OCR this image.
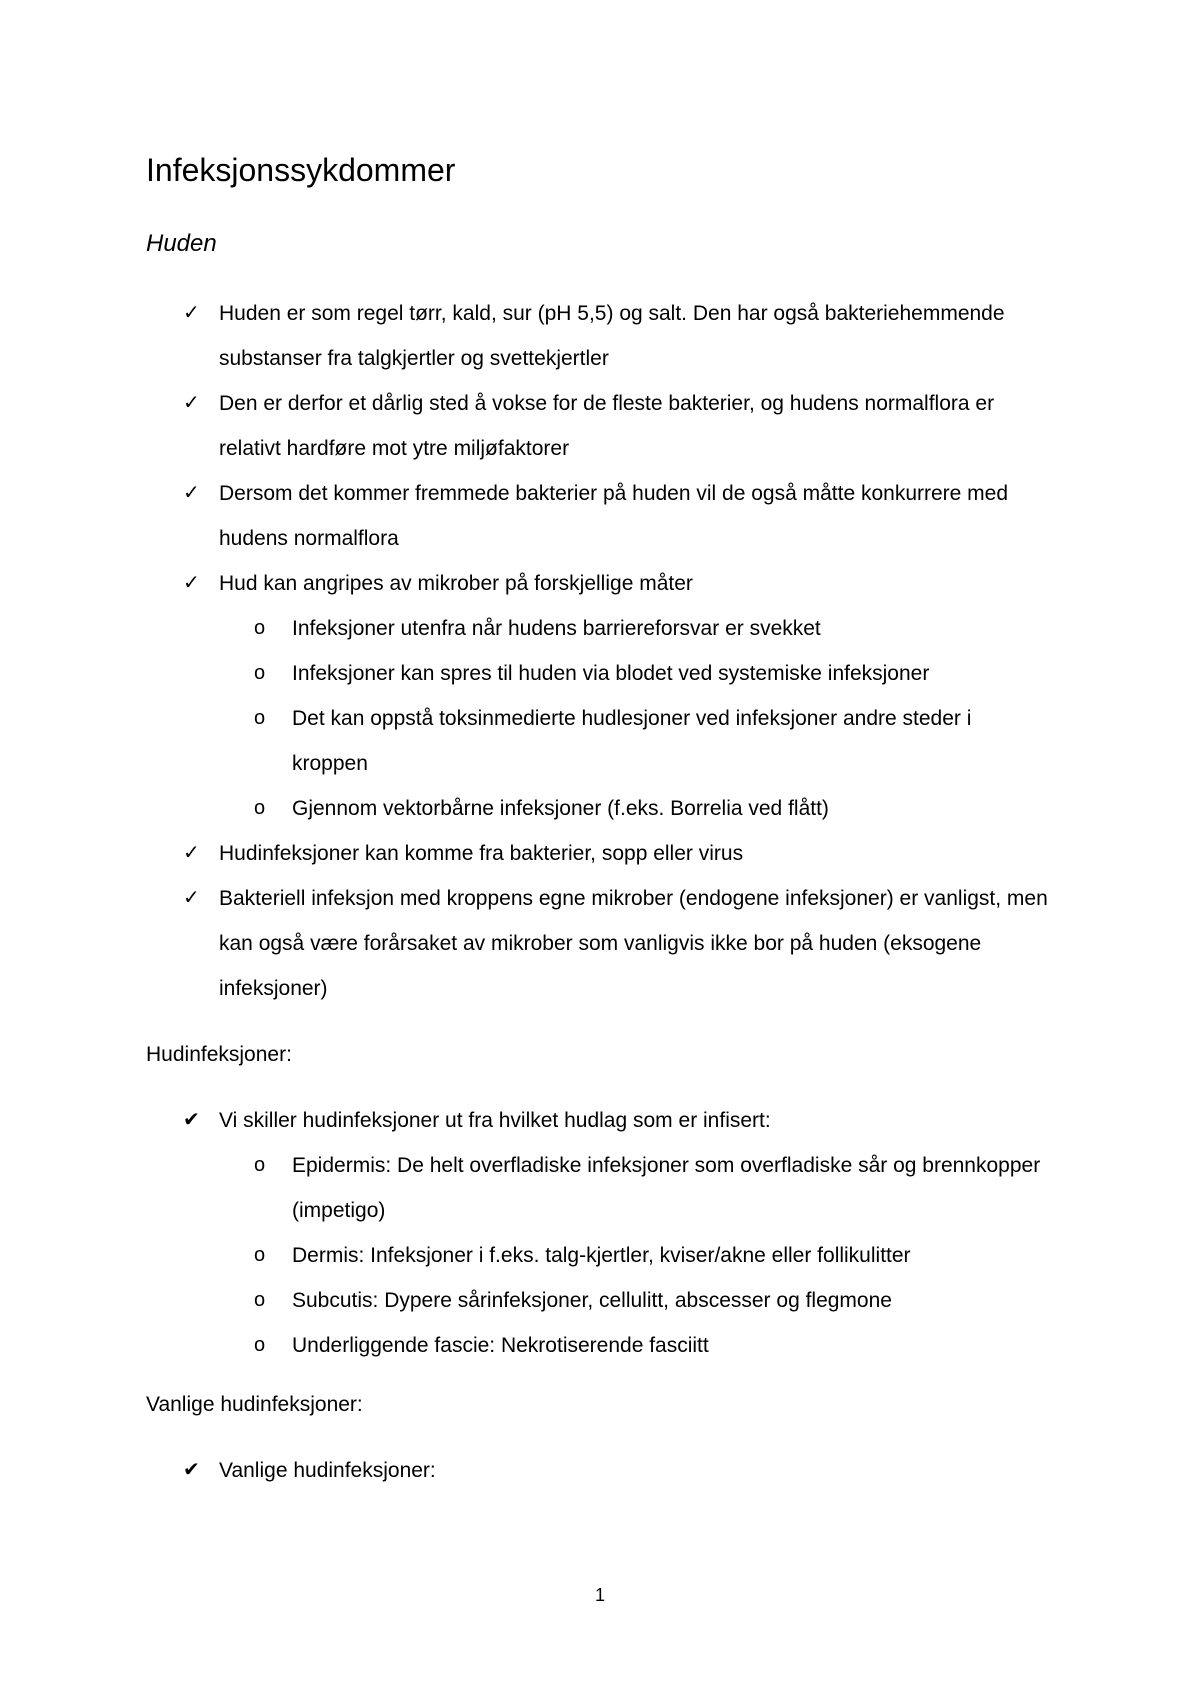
Infeksjonssykdommer
Huden
✓ Huden er som regel tørr, kald, sur (pH 5,5) og salt. Den har også bakteriehemmende substanser fra talgkjertler og svettekjertler
✓ Den er derfor et dårlig sted å vokse for de fleste bakterier, og hudens normalflora er relativt hardføre mot ytre miljøfaktorer
✓ Dersom det kommer fremmede bakterier på huden vil de også måtte konkurrere med hudens normalflora
✓ Hud kan angripes av mikrober på forskjellige måter
o	Infeksjoner utenfra når hudens barriereforsvar er svekket
o	Infeksjoner kan spres til huden via blodet ved systemiske infeksjoner
o	Det kan oppstå toksinmedierte hudlesjoner ved infeksjoner andre steder i kroppen
o	Gjennom vektorbårne infeksjoner (f.eks. Borrelia ved flått)
✓ Hudinfeksjoner kan komme fra bakterier, sopp eller virus
✓ Bakteriell infeksjon med kroppens egne mikrober (endogene infeksjoner) er vanligst, men kan også være forårsaket av mikrober som vanligvis ikke bor på huden (eksogene infeksjoner)
Hudinfeksjoner:
✔ Vi skiller hudinfeksjoner ut fra hvilket hudlag som er infisert:
o	Epidermis: De helt overfladiske infeksjoner som overfladiske sår og brennkopper (impetigo)
o	Dermis: Infeksjoner i f.eks. talg-kjertler, kviser/akne eller follikulitter
o	Subcutis: Dypere sårinfeksjoner, cellulitt, abscesser og flegmone
o	Underliggende fascie: Nekrotiserende fasciitt
Vanlige hudinfeksjoner:
✔ Vanlige hudinfeksjoner:
1
